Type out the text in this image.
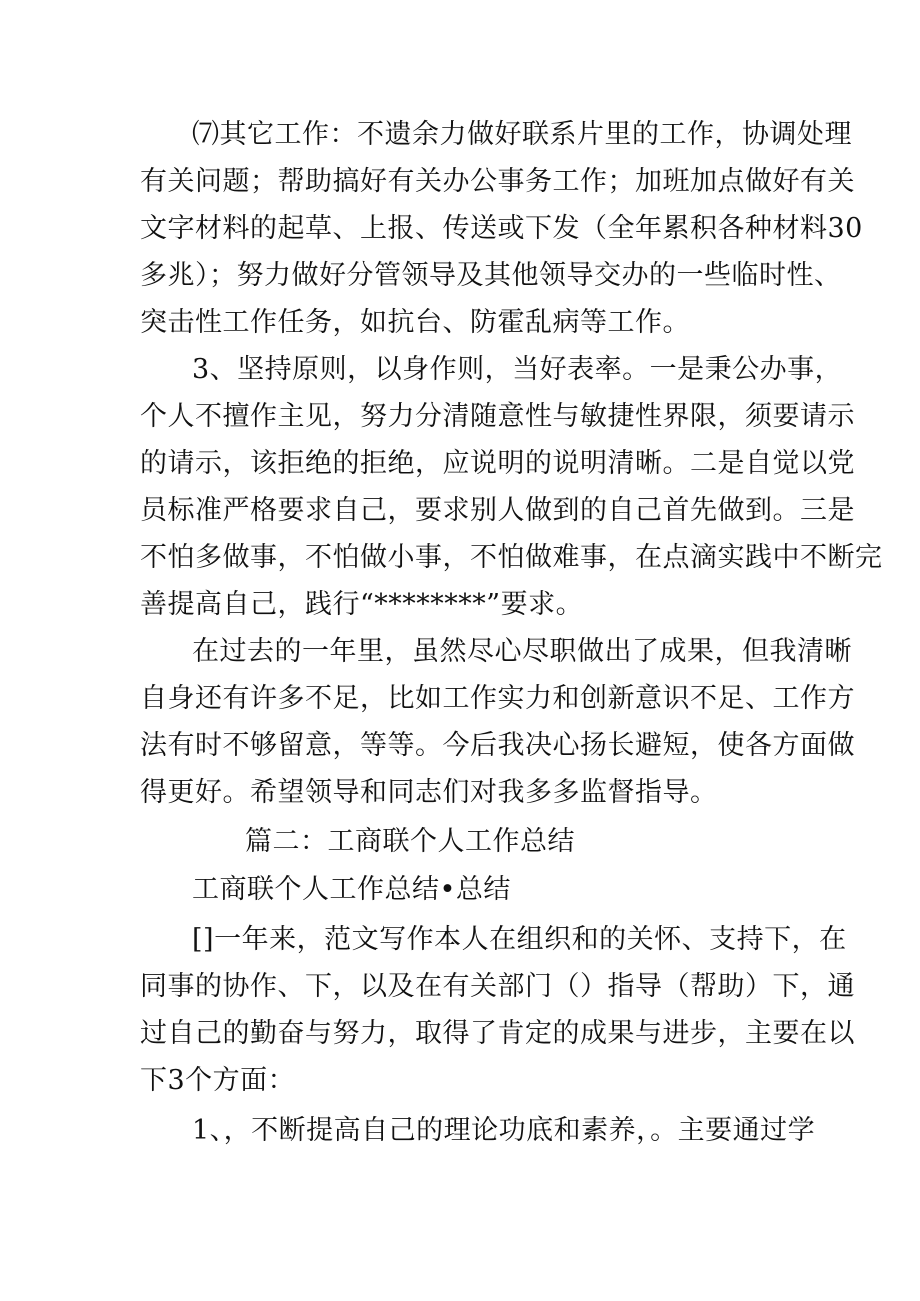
⑺其它工作：不遗余力做好联系片里的工作，协调处理
有关问题；帮助搞好有关办公事务工作；加班加点做好有关
文字材料的起草、上报、传送或下发（全年累积各种材料30
多兆）；努力做好分管领导及其他领导交办的一些临时性、
突击性工作任务，如抗台、防霍乱病等工作。
3、坚持原则，以身作则，当好表率。一是秉公办事，
个人不擅作主见，努力分清随意性与敏捷性界限，须要请示
的请示，该拒绝的拒绝，应说明的说明清晰。二是自觉以党
员标准严格要求自己，要求别人做到的自己首先做到。三是
不怕多做事，不怕做小事，不怕做难事，在点滴实践中不断完
善提高自己，践行“********”要求。
在过去的一年里，虽然尽心尽职做出了成果，但我清晰
自身还有许多不足，比如工作实力和创新意识不足、工作方
法有时不够留意，等等。今后我决心扬长避短，使各方面做
得更好。希望领导和同志们对我多多监督指导。
篇二：工商联个人工作总结
工商联个人工作总结•总结
[]一年来，范文写作本人在组织和的关怀、支持下，在
同事的协作、下，以及在有关部门（）指导（帮助）下，通
过自己的勤奋与努力，取得了肯定的成果与进步，主要在以
下3个方面：
1、，不断提高自己的理论功底和素养，。主要通过学
